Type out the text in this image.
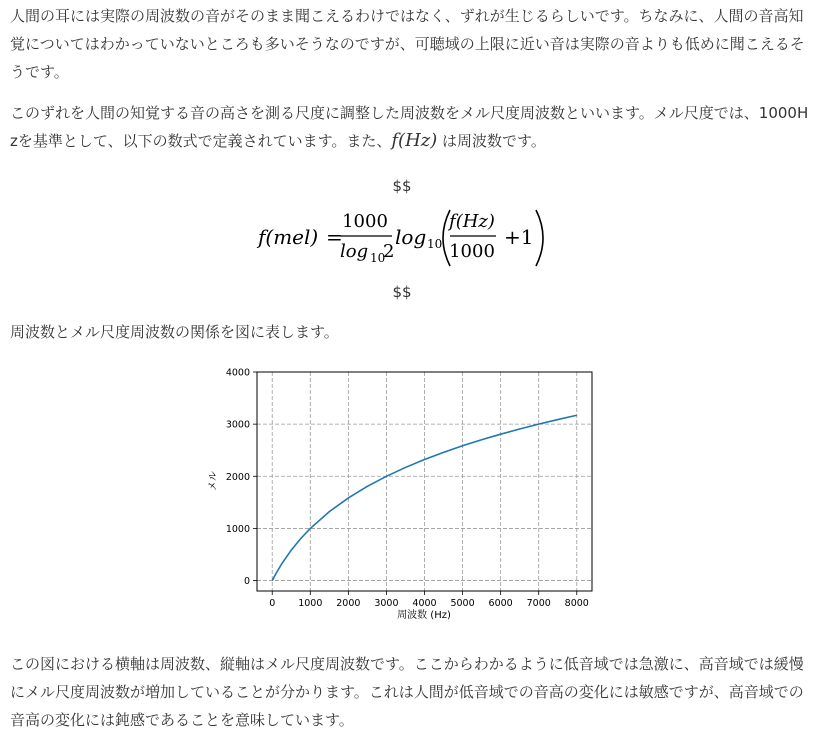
人間の耳には実際の周波数の音がそのまま聞こえるわけではなく、ずれが生じるらしいです。ちなみに、人間の音高知覚についてはわかっていないところも多いそうなのですが、可聴域の上限に近い音は実際の音よりも低めに聞こえるそうです。

このずれを人間の知覚する音の高さを測る尺度に調整した周波数をメル尺度周波数といいます。メル尺度では、1000Hzを基準として、以下の数式で定義されています。また、f(Hz) は周波数です。

$$
f(mel) =
1000
log 10
2
log 10
f(Hz)
1000
+1
$$

周波数とメル尺度周波数の関係を図に表します。

0 1000 2000 3000 4000 5000 6000 7000 8000
0
1000
2000
3000
4000
周波数 (Hz)
メル

この図における横軸は周波数、縦軸はメル尺度周波数です。ここからわかるように低音域では急激に、高音域では緩慢にメル尺度周波数が増加していることが分かります。これは人間が低音域での音高の変化には敏感ですが、高音域での音高の変化には鈍感であることを意味しています。
